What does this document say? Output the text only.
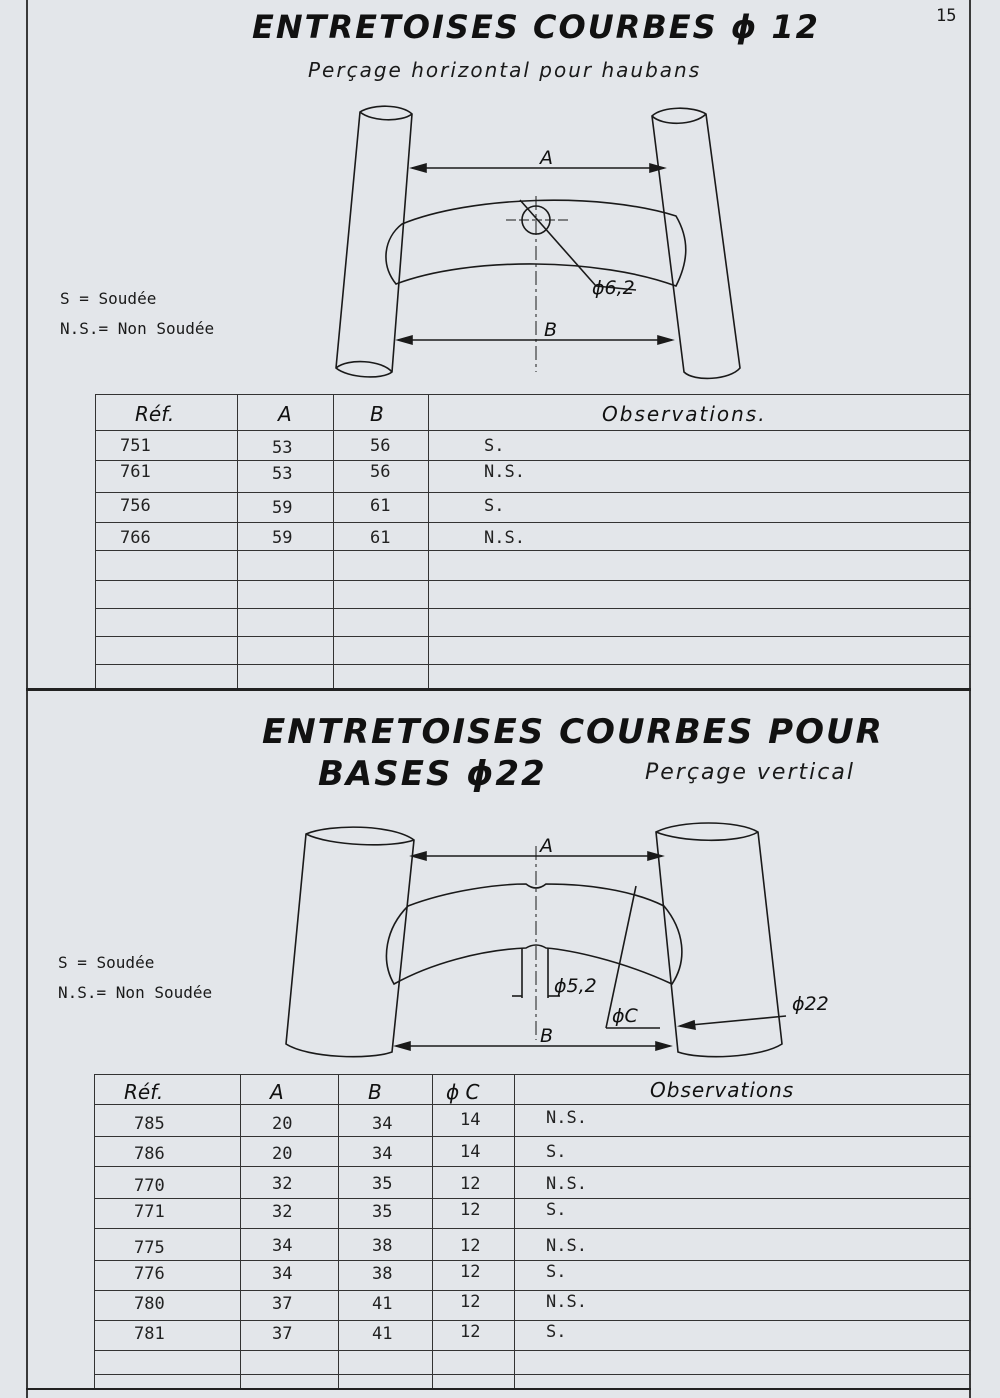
15
ENTRETOISES COURBES ϕ 12
Perçage horizontal pour haubans
S = Soudée
N.S.= Non Soudée
ENTRETOISES COURBES POUR
BASES ϕ22	Perçage vertical
S = Soudée
N.S.= Non Soudée
A
B
ϕ6,2
A
B
ϕ5,2
ϕC
ϕ22
Réf.	A	B	Observations.
751	53	56	S.
761	53	56	N.S.
756	59	61	S.
766	59	61	N.S.
Réf.	A	B	ϕ C	Observations
785	20	34	14	N.S.
786	20	34	14	S.
770	32	35	12	N.S.
771	32	35	12	S.
775	34	38	12	N.S.
776	34	38	12	S.
780	37	41	12	N.S.
781	37	41	12	S.
